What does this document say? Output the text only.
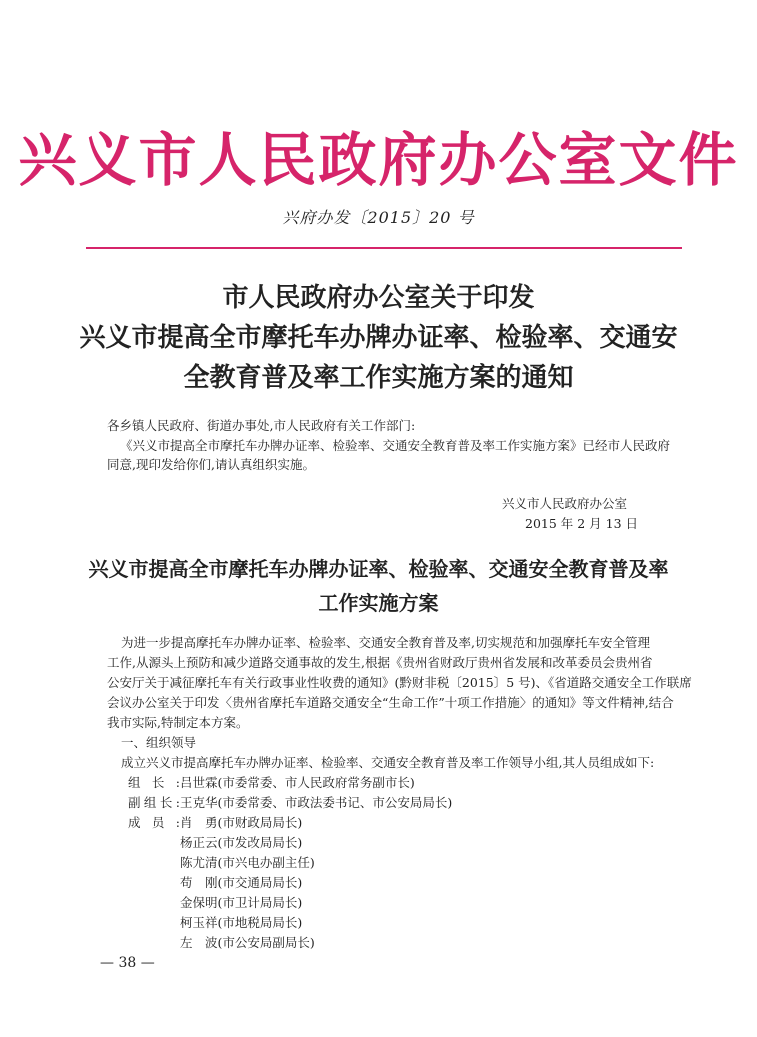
兴义市人民政府办公室文件
兴府办发〔2015〕20 号
市人民政府办公室关于印发
兴义市提高全市摩托车办牌办证率、检验率、交通安
全教育普及率工作实施方案的通知
各乡镇人民政府、街道办事处,市人民政府有关工作部门:
《兴义市提高全市摩托车办牌办证率、检验率、交通安全教育普及率工作实施方案》已经市人民政府
同意,现印发给你们,请认真组织实施。
兴义市人民政府办公室
2015 年 2 月 13 日
兴义市提高全市摩托车办牌办证率、检验率、交通安全教育普及率
工作实施方案
为进一步提高摩托车办牌办证率、检验率、交通安全教育普及率,切实规范和加强摩托车安全管理
工作,从源头上预防和减少道路交通事故的发生,根据《贵州省财政厅贵州省发展和改革委员会贵州省
公安厅关于减征摩托车有关行政事业性收费的通知》(黔财非税〔2015〕5 号)、《省道路交通安全工作联席
会议办公室关于印发〈贵州省摩托车道路交通安全“生命工作”十项工作措施〉的通知》等文件精神,结合
我市实际,特制定本方案。
一、组织领导
成立兴义市提高摩托车办牌办证率、检验率、交通安全教育普及率工作领导小组,其人员组成如下:
组长:吕世霖(市委常委、市人民政府常务副市长)
副组长:王克华(市委常委、市政法委书记、市公安局局长)
成员:肖　勇(市财政局局长)
杨正云(市发改局局长)
陈尤清(市兴电办副主任)
苟　刚(市交通局局长)
金保明(市卫计局局长)
柯玉祥(市地税局局长)
左　波(市公安局副局长)
— 38 —
